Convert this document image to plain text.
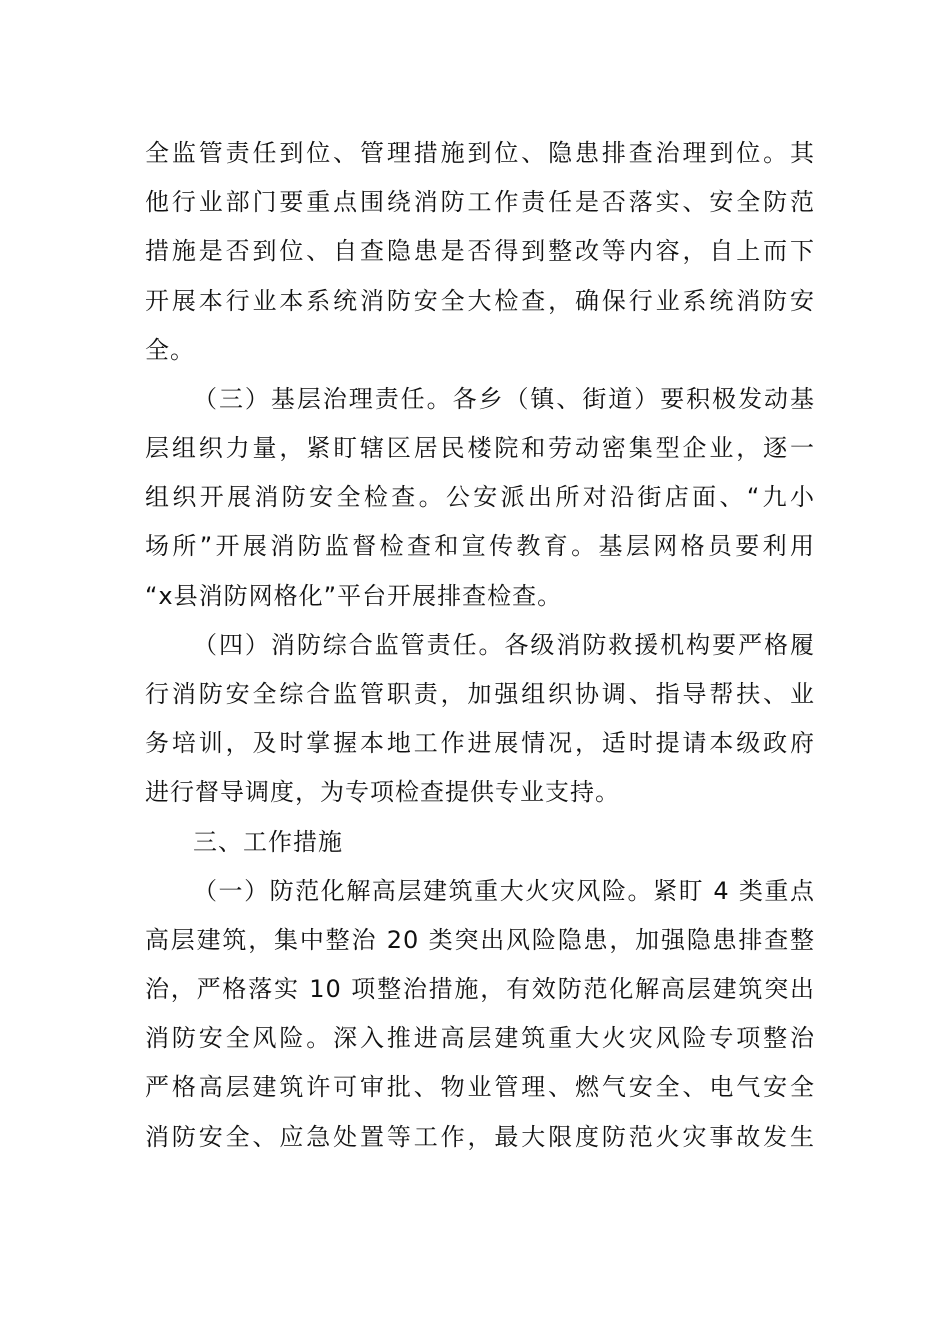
全监管责任到位、管理措施到位、隐患排查治理到位。其
他行业部门要重点围绕消防工作责任是否落实、安全防范
措施是否到位、自查隐患是否得到整改等内容，自上而下
开展本行业本系统消防安全大检查，确保行业系统消防安
全。
（三）基层治理责任。各乡（镇、街道）要积极发动基
层组织力量，紧盯辖区居民楼院和劳动密集型企业，逐一
组织开展消防安全检查。公安派出所对沿街店面、“九小
场所”开展消防监督检查和宣传教育。基层网格员要利用
“x县消防网格化”平台开展排查检查。
（四）消防综合监管责任。各级消防救援机构要严格履
行消防安全综合监管职责，加强组织协调、指导帮扶、业
务培训，及时掌握本地工作进展情况，适时提请本级政府
进行督导调度，为专项检查提供专业支持。
三、工作措施
（一）防范化解高层建筑重大火灾风险。紧盯 4 类重点
高层建筑，集中整治 20 类突出风险隐患，加强隐患排查整
治，严格落实 10 项整治措施，有效防范化解高层建筑突出
消防安全风险。深入推进高层建筑重大火灾风险专项整治
严格高层建筑许可审批、物业管理、燃气安全、电气安全
消防安全、应急处置等工作，最大限度防范火灾事故发生
